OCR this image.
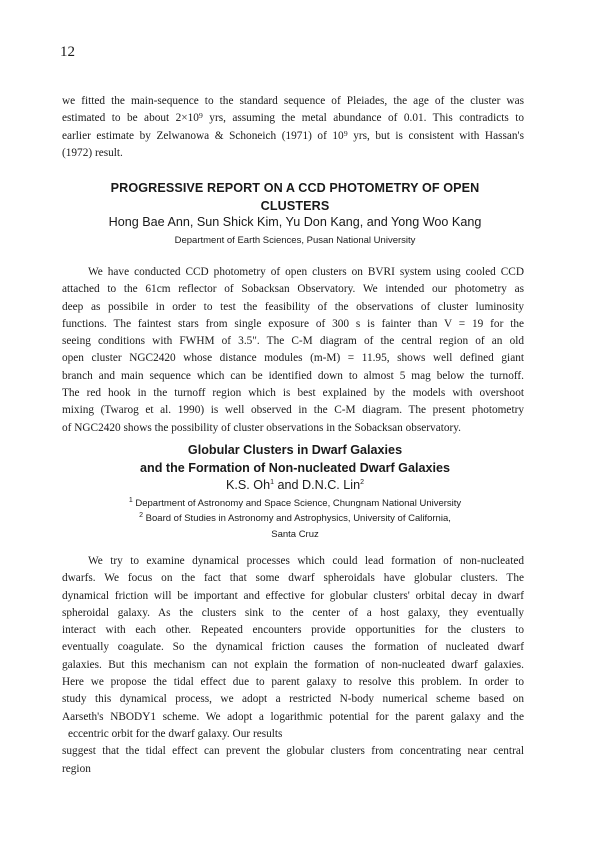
12

we fitted the main-sequence to the standard sequence of Pleiades, the age of the cluster was
estimated to be about 2×10⁹ yrs, assuming the metal abundance of 0.01. This contradicts to
earlier estimate by Zelwanowa & Schoneich (1971) of 10⁹ yrs, but is consistent with Hassan's
(1972) result.

PROGRESSIVE REPORT ON A CCD PHOTOMETRY OF OPEN
CLUSTERS
Hong Bae Ann, Sun Shick Kim, Yu Don Kang, and Yong Woo Kang
Department of Earth Sciences, Pusan National University

We have conducted CCD photometry of open clusters on BVRI system using cooled CCD
attached to the 61cm reflector of Sobacksan Observatory. We intended our photometry as
deep as possibile in order to test the feasibility of the observations of cluster luminosity
functions. The faintest stars from single exposure of 300 s is fainter than V = 19 for the
seeing conditions with FWHM of 3.5". The C-M diagram of the central region of an old
open cluster NGC2420 whose distance modules (m-M) = 11.95, shows well defined giant
branch and main sequence which can be identified down to almost 5 mag below the turnoff.
The red hook in the turnoff region which is best explained by the models with overshoot
mixing (Twarog et al. 1990) is well observed in the C-M diagram. The present photometry
of NGC2420 shows the possibility of cluster observations in the Sobacksan observatory.

Globular Clusters in Dwarf Galaxies
and the Formation of Non-nucleated Dwarf Galaxies
K.S. Oh$^1$ and D.N.C. Lin$^2$
$^1$ Department of Astronomy and Space Science, Chungnam National University
$^2$ Board of Studies in Astronomy and Astrophysics, University of California,
Santa Cruz

We try to examine dynamical processes which could lead formation of non-nucleated
dwarfs. We focus on the fact that some dwarf spheroidals have globular clusters. The
dynamical friction will be important and effective for globular clusters' orbital decay in dwarf
spheroidal galaxy. As the clusters sink to the center of a host galaxy, they eventually
interact with each other. Repeated encounters provide opportunities for the clusters to
eventually coagulate. So the dynamical friction causes the formation of nucleated dwarf
galaxies. But this mechanism can not explain the formation of non-nucleated dwarf galaxies.
Here we propose the tidal effect due to parent galaxy to resolve this problem. In order to
study this dynamical process, we adopt a restricted N-body numerical scheme based on
Aarseth's NBODY1 scheme. We adopt a logarithmic potential for the parent galaxy and the
eccentric orbit for the dwarf galaxy. Our results
suggest that the tidal effect can prevent the globular clusters from concentrating near central
region
